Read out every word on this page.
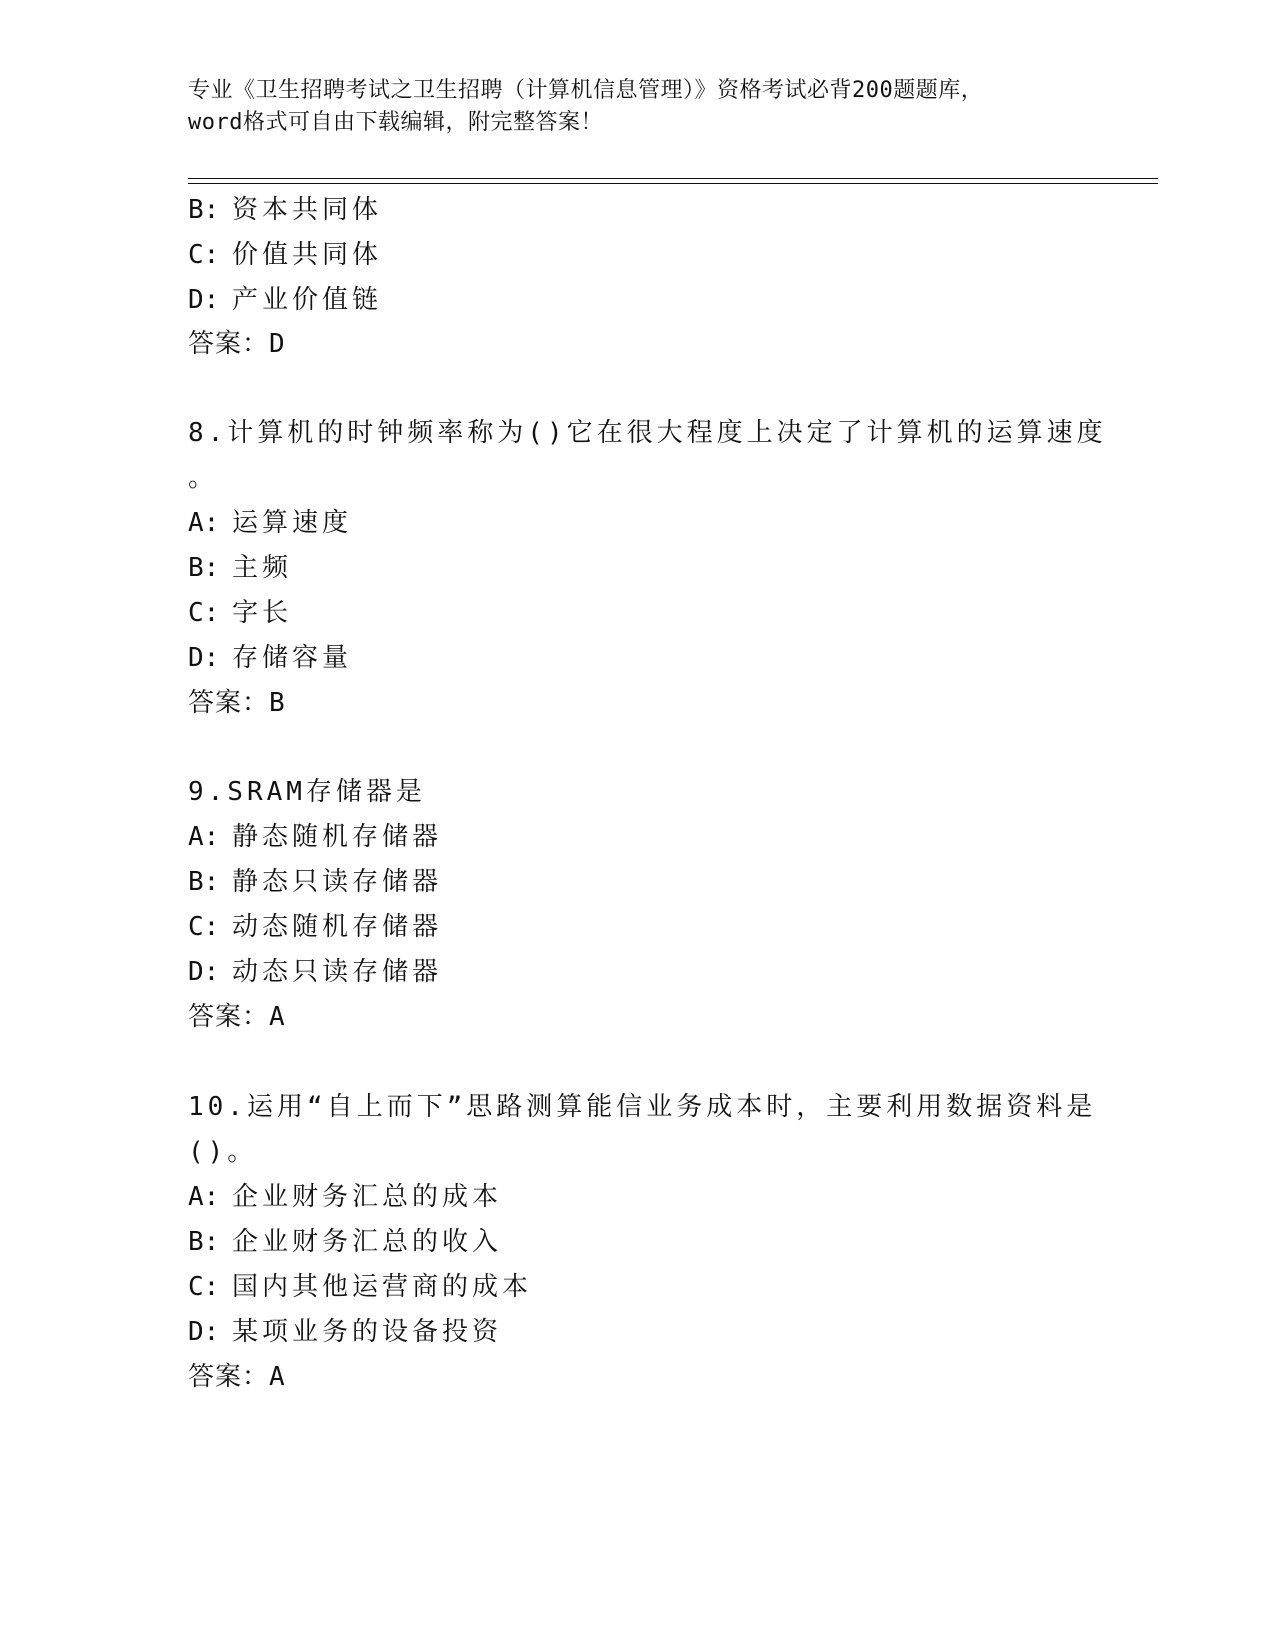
专业《卫生招聘考试之卫生招聘（计算机信息管理）》资格考试必背200题题库，
word格式可自由下载编辑，附完整答案！
B: 资本共同体
C: 价值共同体
D: 产业价值链
答案：D
8.计算机的时钟频率称为()它在很大程度上决定了计算机的运算速度
。
A: 运算速度
B: 主频
C: 字长
D: 存储容量
答案：B
9.SRAM存储器是
A: 静态随机存储器
B: 静态只读存储器
C: 动态随机存储器
D: 动态只读存储器
答案：A
10.运用“自上而下”思路测算能信业务成本时，主要利用数据资料是
()。
A: 企业财务汇总的成本
B: 企业财务汇总的收入
C: 国内其他运营商的成本
D: 某项业务的设备投资
答案：A
